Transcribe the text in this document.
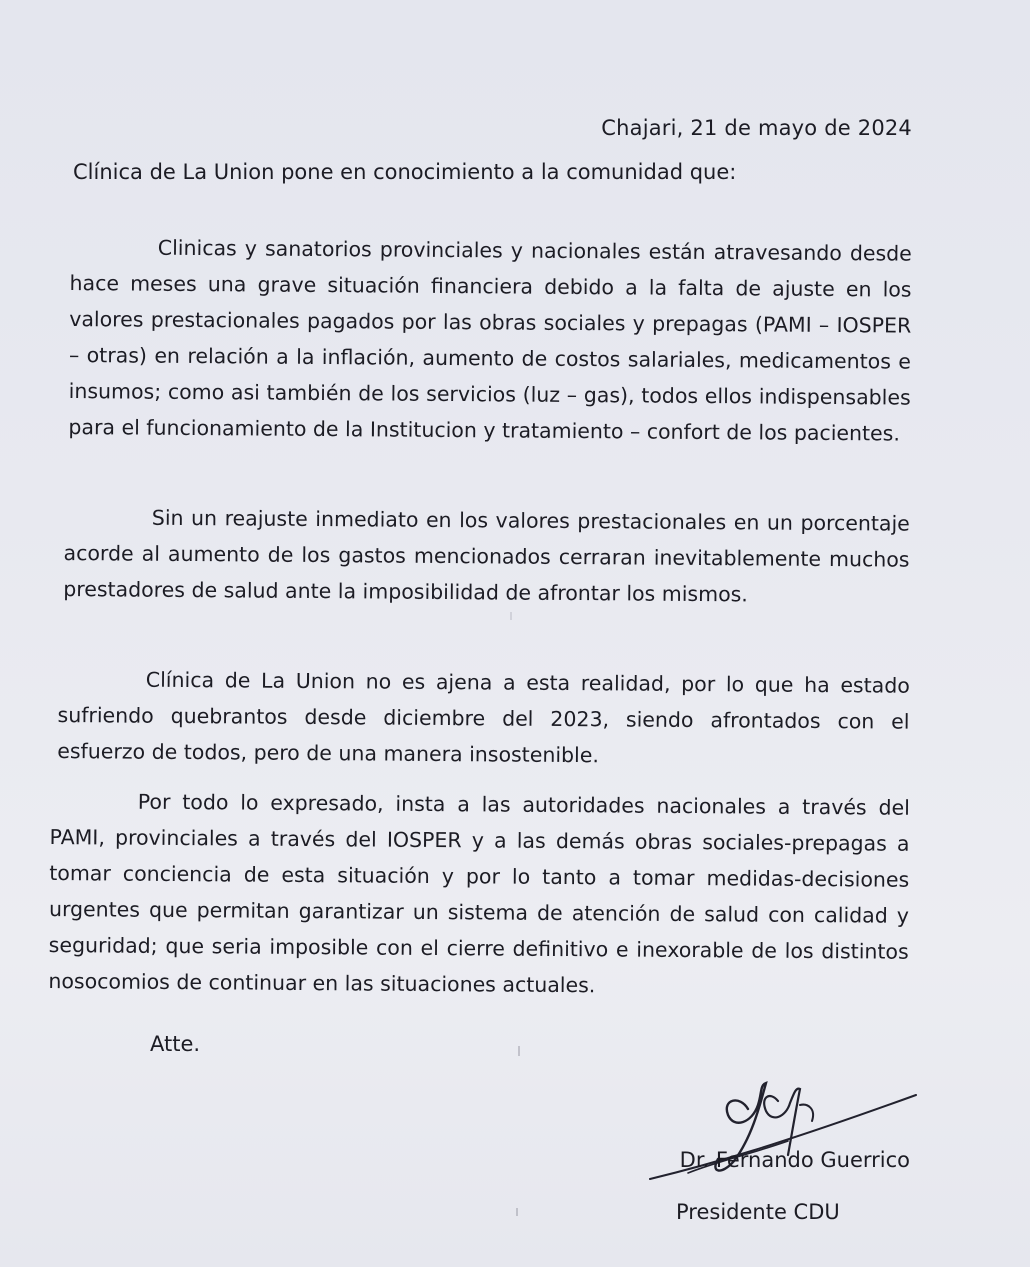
Chajari, 21 de mayo de 2024
Clínica de La Union pone en conocimiento a la comunidad que:

Clinicas y sanatorios provinciales y nacionales están atravesando desde hace meses una grave situación financiera debido a la falta de ajuste en los valores prestacionales pagados por las obras sociales y prepagas (PAMI – IOSPER – otras) en relación a la inflación, aumento de costos salariales, medicamentos e insumos; como asi también de los servicios (luz – gas), todos ellos indispensables para el funcionamiento de la Institucion y tratamiento – confort de los pacientes.

Sin un reajuste inmediato en los valores prestacionales en un porcentaje acorde al aumento de los gastos mencionados cerraran inevitablemente muchos prestadores de salud ante la imposibilidad de afrontar los mismos.

Clínica de La Union no es ajena a esta realidad, por lo que ha estado sufriendo quebrantos desde diciembre del 2023, siendo afrontados con el esfuerzo de todos, pero de una manera insostenible.

Por todo lo expresado, insta a las autoridades nacionales a través del PAMI, provinciales a través del IOSPER y a las demás obras sociales-prepagas a tomar conciencia de esta situación y por lo tanto a tomar medidas-decisiones urgentes que permitan garantizar un sistema de atención de salud con calidad y seguridad; que seria imposible con el cierre definitivo e inexorable de los distintos nosocomios de continuar en las situaciones actuales.

Atte.
Dr. Fernando Guerrico
Presidente CDU
